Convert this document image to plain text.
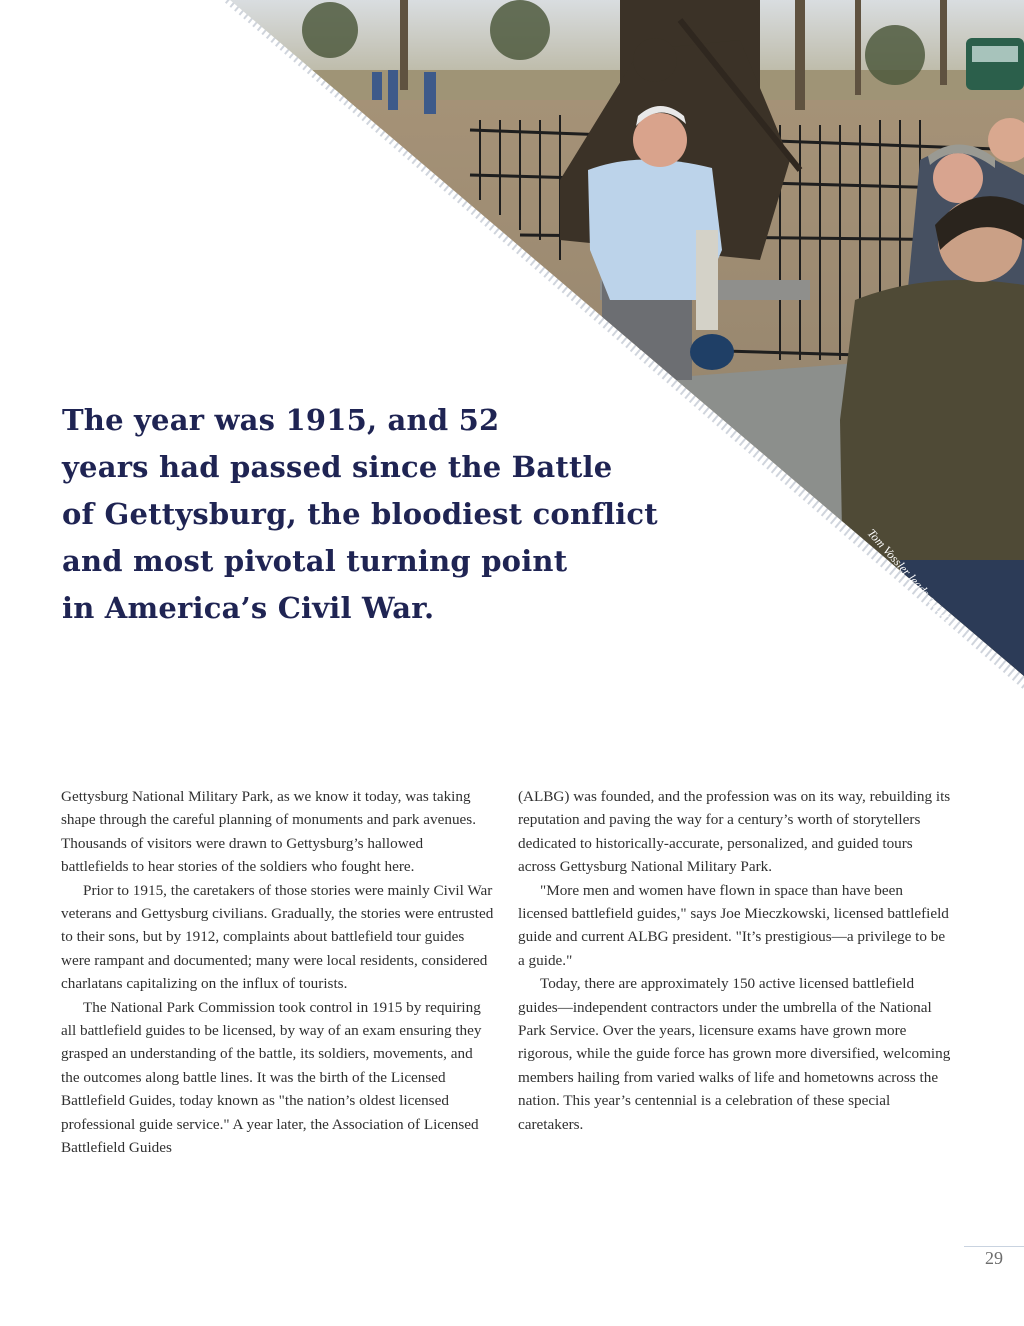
Tom Vossler leads a tour.
The year was 1915, and 52
years had passed since the Battle
of Gettysburg, the bloodiest conflict
and most pivotal turning point
in America’s Civil War.

Gettysburg National Military Park, as we know it today, was taking shape through the careful planning of monuments and park avenues. Thousands of visitors were drawn to Gettysburg’s hallowed battlefields to hear stories of the soldiers who fought here.

Prior to 1915, the caretakers of those stories were mainly Civil War veterans and Gettysburg civilians. Gradually, the stories were entrusted to their sons, but by 1912, complaints about battlefield tour guides were rampant and documented; many were local residents, considered charlatans capitalizing on the influx of tourists.

The National Park Commission took control in 1915 by requiring all battlefield guides to be licensed, by way of an exam ensuring they grasped an understanding of the battle, its soldiers, movements, and the outcomes along battle lines. It was the birth of the Licensed Battlefield Guides, today known as "the nation’s oldest licensed professional guide service." A year later, the Association of Licensed Battlefield Guides

(ALBG) was founded, and the profession was on its way, rebuilding its reputation and paving the way for a century’s worth of storytellers dedicated to historically-accurate, personalized, and guided tours across Gettysburg National Military Park.

"More men and women have flown in space than have been licensed battlefield guides," says Joe Mieczkowski, licensed battlefield guide and current ALBG president. "It’s prestigious—a privilege to be a guide."

Today, there are approximately 150 active licensed battlefield guides—independent contractors under the umbrella of the National Park Service. Over the years, licensure exams have grown more rigorous, while the guide force has grown more diversified, welcoming members hailing from varied walks of life and hometowns across the nation. This year’s centennial is a celebration of these special caretakers.

29
